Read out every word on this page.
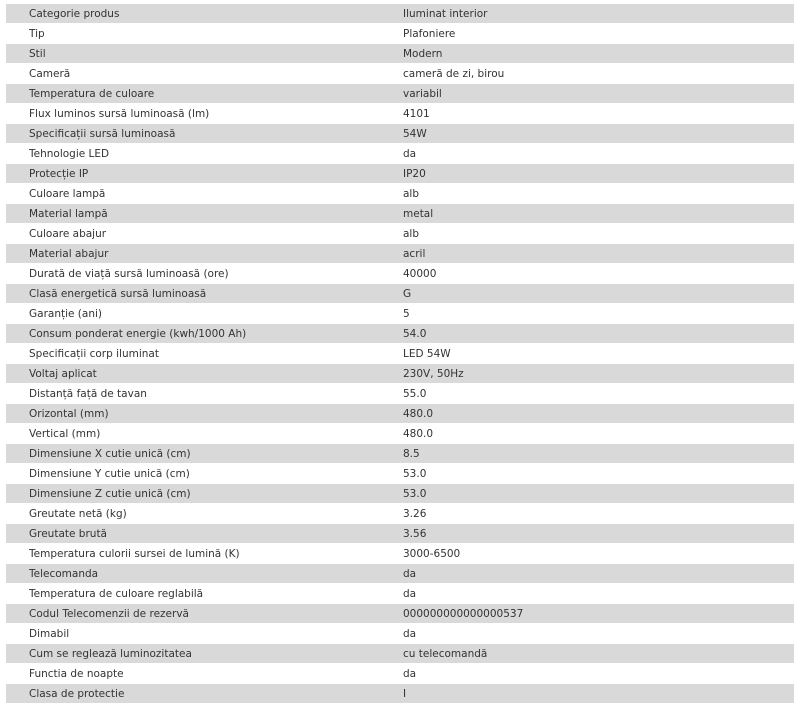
Categorie produs	Iluminat interior
Tip	Plafoniere
Stil	Modern
Cameră	cameră de zi, birou
Temperatura de culoare	variabil
Flux luminos sursă luminoasă (lm)	4101
Specificații sursă luminoasă	54W
Tehnologie LED	da
Protecție IP	IP20
Culoare lampă	alb
Material lampă	metal
Culoare abajur	alb
Material abajur	acril
Durată de viață sursă luminoasă (ore)	40000
Clasă energetică sursă luminoasă	G
Garanție (ani)	5
Consum ponderat energie (kwh/1000 Ah)	54.0
Specificații corp iluminat	LED 54W
Voltaj aplicat	230V, 50Hz
Distanță față de tavan	55.0
Orizontal (mm)	480.0
Vertical (mm)	480.0
Dimensiune X cutie unică (cm)	8.5
Dimensiune Y cutie unică (cm)	53.0
Dimensiune Z cutie unică (cm)	53.0
Greutate netă (kg)	3.26
Greutate brută	3.56
Temperatura culorii sursei de lumină (K)	3000-6500
Telecomanda	da
Temperatura de culoare reglabilă	da
Codul Telecomenzii de rezervă	000000000000000537
Dimabil	da
Cum se reglează luminozitatea	cu telecomandă
Functia de noapte	da
Clasa de protectie	I
